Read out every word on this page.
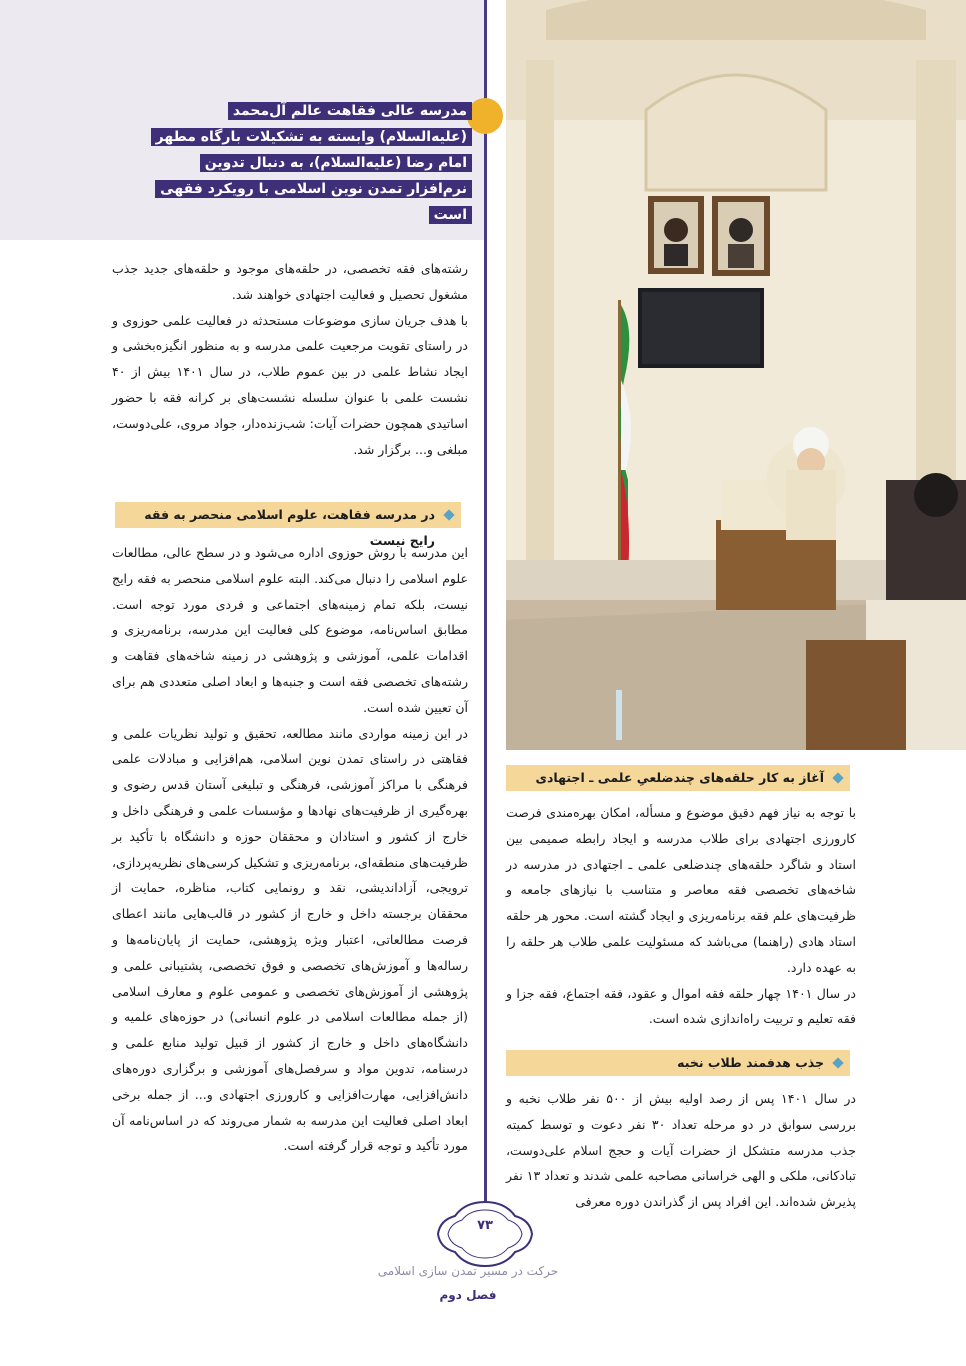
مدرسه عالی فقاهت عالم آل‌محمد (علیه‌السلام) وابسته به تشکیلات بارگاه مطهر امام رضا (علیه‌السلام)، به دنبال تدوین نرم‌افزار تمدن نوین اسلامی با رویکرد فقهی است

رشته‌های فقه تخصصی، در حلقه‌های موجود و حلقه‌های جدید جذب مشغول تحصیل و فعالیت اجتهادی خواهند شد.

با هدف جریان سازی موضوعات مستحدثه در فعالیت علمی حوزوی و در راستای تقویت مرجعیت علمی مدرسه و به منظور انگیزه‌بخشی و ایجاد نشاط علمی در بین عموم طلاب، در سال ۱۴۰۱ بیش از ۴۰ نشست علمی با عنوان سلسله نشست‌های بر کرانه فقه با حضور اساتیدی همچون حضرات آیات: شب‌زنده‌دار، جواد مروی، علی‌دوست، مبلغی و... برگزار شد.

در مدرسه فقاهت، علوم اسلامی منحصر به فقه رایج نیست

این مدرسه با روش حوزوی اداره می‌شود و در سطح عالی، مطالعات علوم اسلامی را دنبال می‌کند. البته علوم اسلامی منحصر به فقه رایج نیست، بلکه تمام زمینه‌های اجتماعی و فردی مورد توجه است. مطابق اساس‌نامه، موضوع کلی فعالیت این مدرسه، برنامه‌ریزی و اقدامات علمی، آموزشی و پژوهشی در زمینه شاخه‌های فقاهت و رشته‌های تخصصی فقه است و جنبه‌ها و ابعاد اصلی متعددی هم برای آن تعیین شده است.

در این زمینه مواردی مانند مطالعه، تحقیق و تولید نظریات علمی و فقاهتی در راستای تمدن نوین اسلامی، هم‌افزایی و مبادلات علمی فرهنگی با مراکز آموزشی، فرهنگی و تبلیغی آستان قدس رضوی و بهره‌گیری از ظرفیت‌های نهادها و مؤسسات علمی و فرهنگی داخل و خارج از کشور و استادان و محققان حوزه و دانشگاه با تأکید بر ظرفیت‌های منطقه‌ای، برنامه‌ریزی و تشکیل کرسی‌های نظریه‌پردازی، ترویجی، آزاداندیشی، نقد و رونمایی کتاب، مناظره، حمایت از محققان برجسته داخل و خارج از کشور در قالب‌هایی مانند اعطای فرصت مطالعاتی، اعتبار ویژه پژوهشی، حمایت از پایان‌نامه‌ها و رساله‌ها و آموزش‌های تخصصی و فوق تخصصی، پشتیبانی علمی و پژوهشی از آموزش‌های تخصصی و عمومی علوم و معارف اسلامی (از جمله مطالعات اسلامی در علوم انسانی) در حوزه‌های علمیه و دانشگاه‌های داخل و خارج از کشور از قبیل تولید منابع علمی و درسنامه، تدوین مواد و سرفصل‌های آموزشی و برگزاری دوره‌های دانش‌افزایی، مهارت‌افزایی و کارورزی اجتهادی و... از جمله برخی ابعاد اصلی فعالیت این مدرسه به شمار می‌روند که در اساس‌نامه آن مورد تأکید و توجه قرار گرفته است.

آغاز به کار حلقه‌های چندضلعیِ علمی ـ اجتهادی

با توجه به نیاز فهم دقیق موضوع و مسأله، امکان بهره‌مندی فرصت کارورزی اجتهادی برای طلاب مدرسه و ایجاد رابطه صمیمی بین استاد و شاگرد حلقه‌های چندضلعی علمی ـ اجتهادی در مدرسه در شاخه‌های تخصصی فقه معاصر و متناسب با نیازهای جامعه و ظرفیت‌های علم فقه برنامه‌ریزی و ایجاد گشته است. محور هر حلقه استاد هادی (راهنما) می‌باشد که مسئولیت علمی طلاب هر حلقه را به عهده دارد.

در سال ۱۴۰۱ چهار حلقه فقه اموال و عقود، فقه اجتماع، فقه جزا و فقه تعلیم و تربیت راه‌اندازی شده است.

جذب هدفمند طلاب نخبه

در سال ۱۴۰۱ پس از رصد اولیه بیش از ۵۰۰ نفر طلاب نخبه و بررسی سوابق در دو مرحله تعداد ۳۰ نفر دعوت و توسط کمیته جذب مدرسه متشکل از حضرات آیات و حجج اسلام علی‌دوست، تبادکانی، ملکی و الهی خراسانی مصاحبه علمی شدند و تعداد ۱۳ نفر پذیرش شده‌اند. این افراد پس از گذراندن دوره معرفی

۷۳
حرکت در مسیر تمدن سازی اسلامی
فصل دوم
